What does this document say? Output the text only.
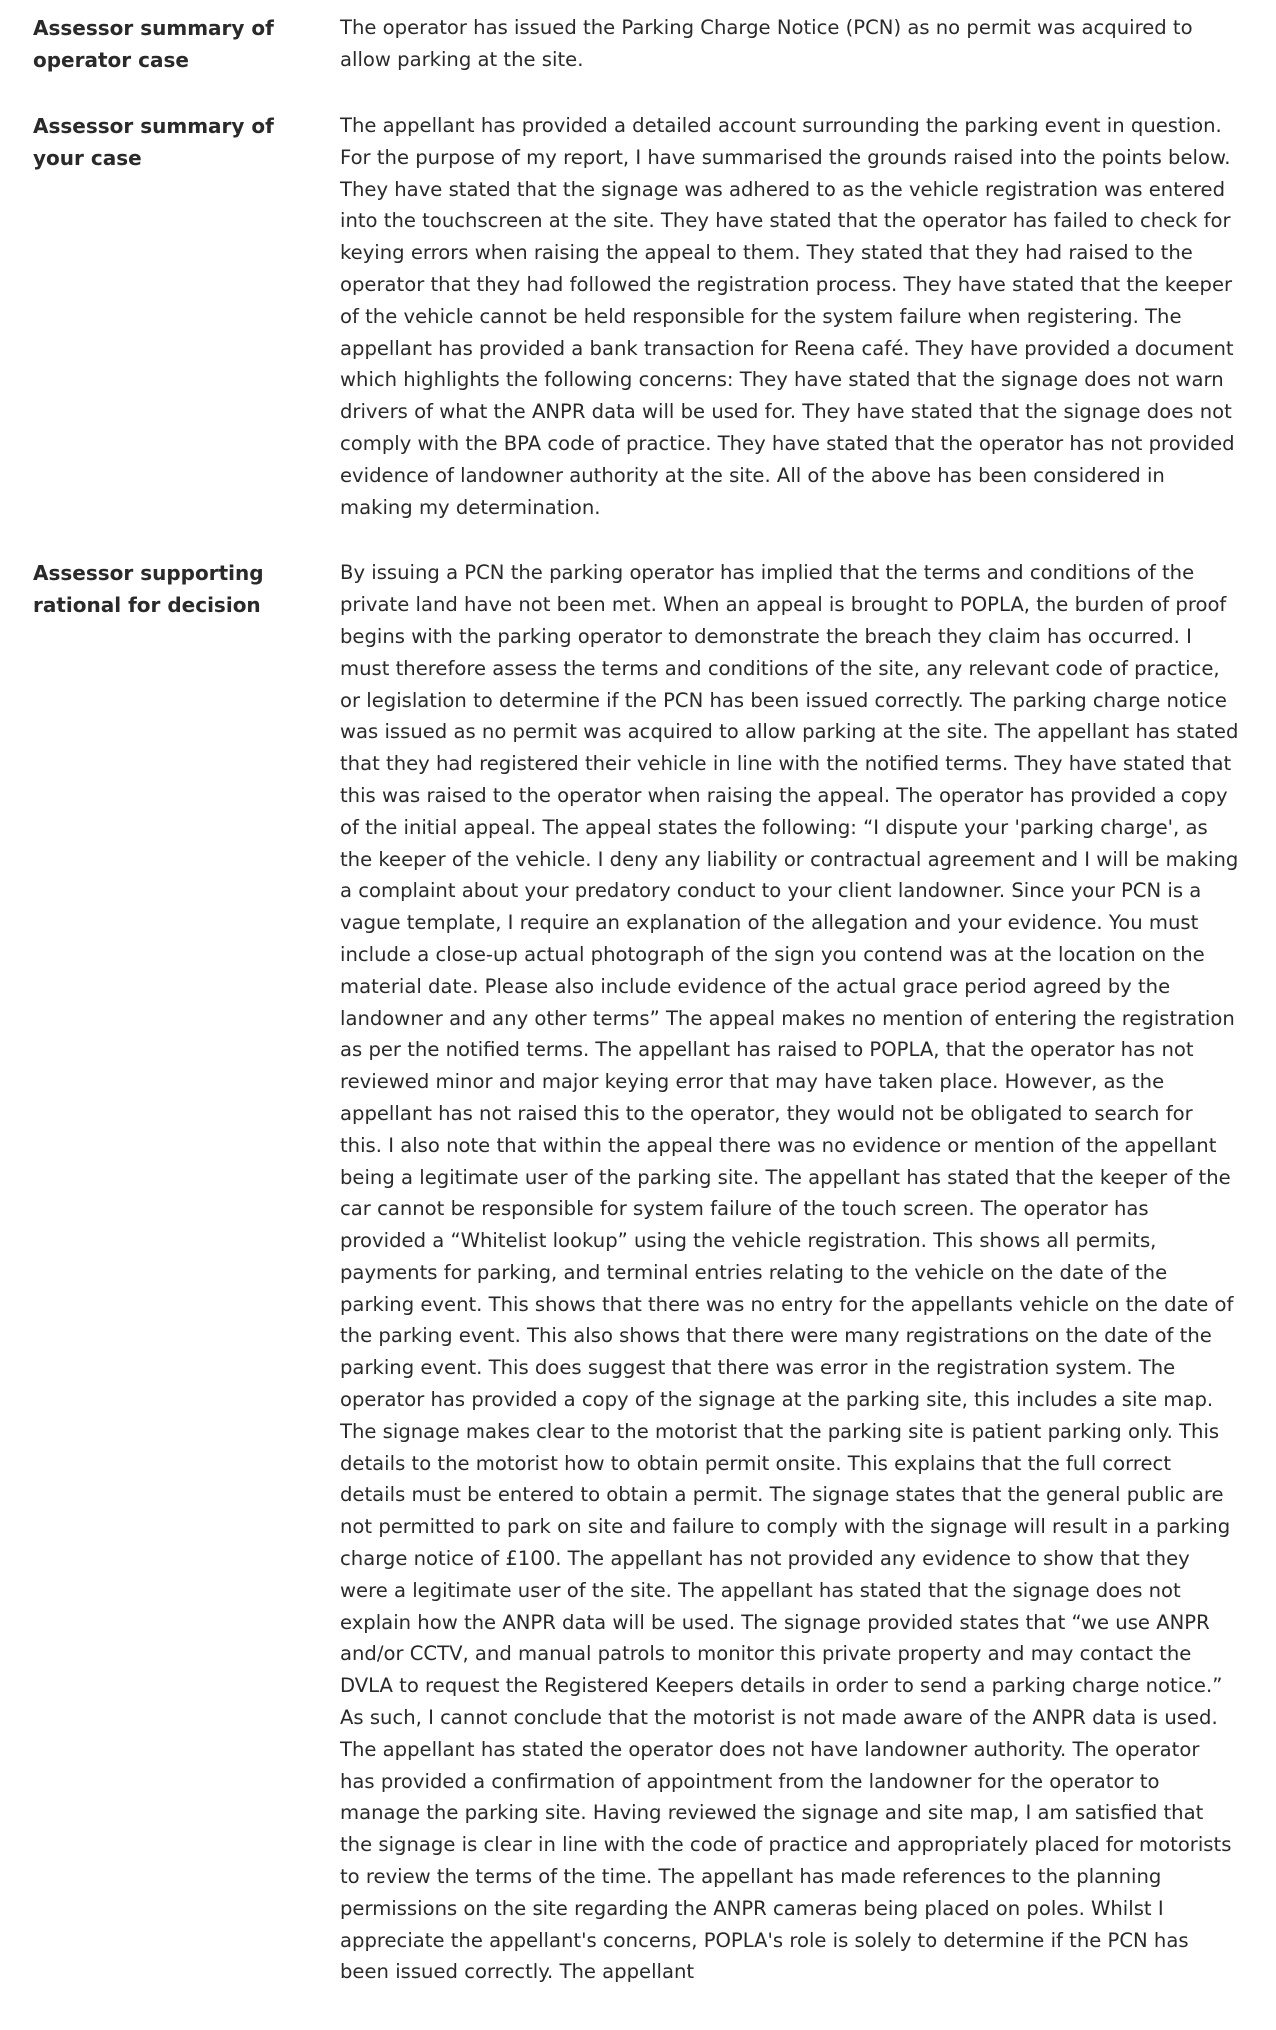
Assessor summary of operator case
The operator has issued the Parking Charge Notice (PCN) as no permit was acquired to allow parking at the site.
Assessor summary of your case
The appellant has provided a detailed account surrounding the parking event in question. For the purpose of my report, I have summarised the grounds raised into the points below. They have stated that the signage was adhered to as the vehicle registration was entered into the touchscreen at the site. They have stated that the operator has failed to check for keying errors when raising the appeal to them. They stated that they had raised to the operator that they had followed the registration process. They have stated that the keeper of the vehicle cannot be held responsible for the system failure when registering. The appellant has provided a bank transaction for Reena café. They have provided a document which highlights the following concerns: They have stated that the signage does not warn drivers of what the ANPR data will be used for. They have stated that the signage does not comply with the BPA code of practice. They have stated that the operator has not provided evidence of landowner authority at the site. All of the above has been considered in making my determination.
Assessor supporting rational for decision
By issuing a PCN the parking operator has implied that the terms and conditions of the private land have not been met. When an appeal is brought to POPLA, the burden of proof begins with the parking operator to demonstrate the breach they claim has occurred. I must therefore assess the terms and conditions of the site, any relevant code of practice, or legislation to determine if the PCN has been issued correctly. The parking charge notice was issued as no permit was acquired to allow parking at the site. The appellant has stated that they had registered their vehicle in line with the notified terms. They have stated that this was raised to the operator when raising the appeal. The operator has provided a copy of the initial appeal. The appeal states the following: “I dispute your 'parking charge', as the keeper of the vehicle. I deny any liability or contractual agreement and I will be making a complaint about your predatory conduct to your client landowner. Since your PCN is a vague template, I require an explanation of the allegation and your evidence. You must include a close-up actual photograph of the sign you contend was at the location on the material date. Please also include evidence of the actual grace period agreed by the landowner and any other terms” The appeal makes no mention of entering the registration as per the notified terms. The appellant has raised to POPLA, that the operator has not reviewed minor and major keying error that may have taken place. However, as the appellant has not raised this to the operator, they would not be obligated to search for this. I also note that within the appeal there was no evidence or mention of the appellant being a legitimate user of the parking site. The appellant has stated that the keeper of the car cannot be responsible for system failure of the touch screen. The operator has provided a “Whitelist lookup” using the vehicle registration. This shows all permits, payments for parking, and terminal entries relating to the vehicle on the date of the parking event. This shows that there was no entry for the appellants vehicle on the date of the parking event. This also shows that there were many registrations on the date of the parking event. This does suggest that there was error in the registration system. The operator has provided a copy of the signage at the parking site, this includes a site map. The signage makes clear to the motorist that the parking site is patient parking only. This details to the motorist how to obtain permit onsite. This explains that the full correct details must be entered to obtain a permit. The signage states that the general public are not permitted to park on site and failure to comply with the signage will result in a parking charge notice of £100. The appellant has not provided any evidence to show that they were a legitimate user of the site. The appellant has stated that the signage does not explain how the ANPR data will be used. The signage provided states that “we use ANPR and/or CCTV, and manual patrols to monitor this private property and may contact the DVLA to request the Registered Keepers details in order to send a parking charge notice.” As such, I cannot conclude that the motorist is not made aware of the ANPR data is used. The appellant has stated the operator does not have landowner authority. The operator has provided a confirmation of appointment from the landowner for the operator to manage the parking site. Having reviewed the signage and site map, I am satisfied that the signage is clear in line with the code of practice and appropriately placed for motorists to review the terms of the time. The appellant has made references to the planning permissions on the site regarding the ANPR cameras being placed on poles. Whilst I appreciate the appellant's concerns, POPLA's role is solely to determine if the PCN has been issued correctly. The appellant
